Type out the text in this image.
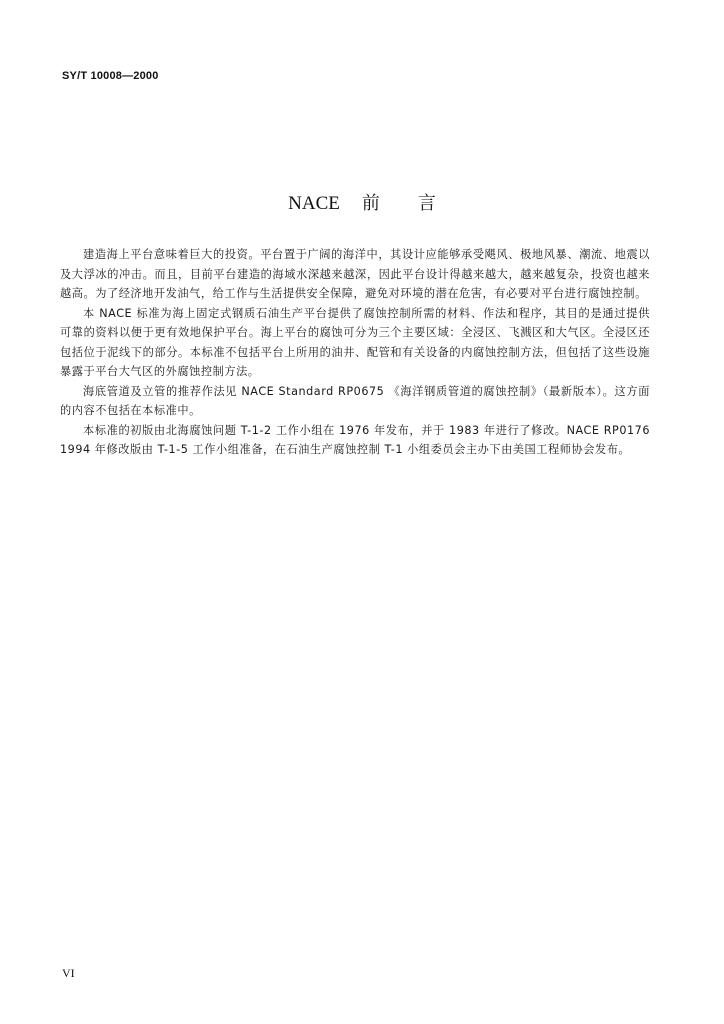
SY/T 10008—2000

NACE 前言

建造海上平台意味着巨大的投资。平台置于广阔的海洋中，其设计应能够承受飓风、极地风暴、潮流、地震以及大浮冰的冲击。而且，目前平台建造的海域水深越来越深，因此平台设计得越来越大，越来越复杂，投资也越来越高。为了经济地开发油气，给工作与生活提供安全保障，避免对环境的潜在危害，有必要对平台进行腐蚀控制。

本 NACE 标准为海上固定式钢质石油生产平台提供了腐蚀控制所需的材料、作法和程序，其目的是通过提供可靠的资料以便于更有效地保护平台。海上平台的腐蚀可分为三个主要区域：全浸区、飞溅区和大气区。全浸区还包括位于泥线下的部分。本标准不包括平台上所用的油井、配管和有关设备的内腐蚀控制方法，但包括了这些设施暴露于平台大气区的外腐蚀控制方法。

海底管道及立管的推荐作法见 NACE Standard RP0675 《海洋钢质管道的腐蚀控制》（最新版本）。这方面的内容不包括在本标准中。

本标准的初版由北海腐蚀问题 T-1-2 工作小组在 1976 年发布，并于 1983 年进行了修改。NACE RP0176 1994 年修改版由 T-1-5 工作小组准备，在石油生产腐蚀控制 T-1 小组委员会主办下由美国工程师协会发布。

VI
